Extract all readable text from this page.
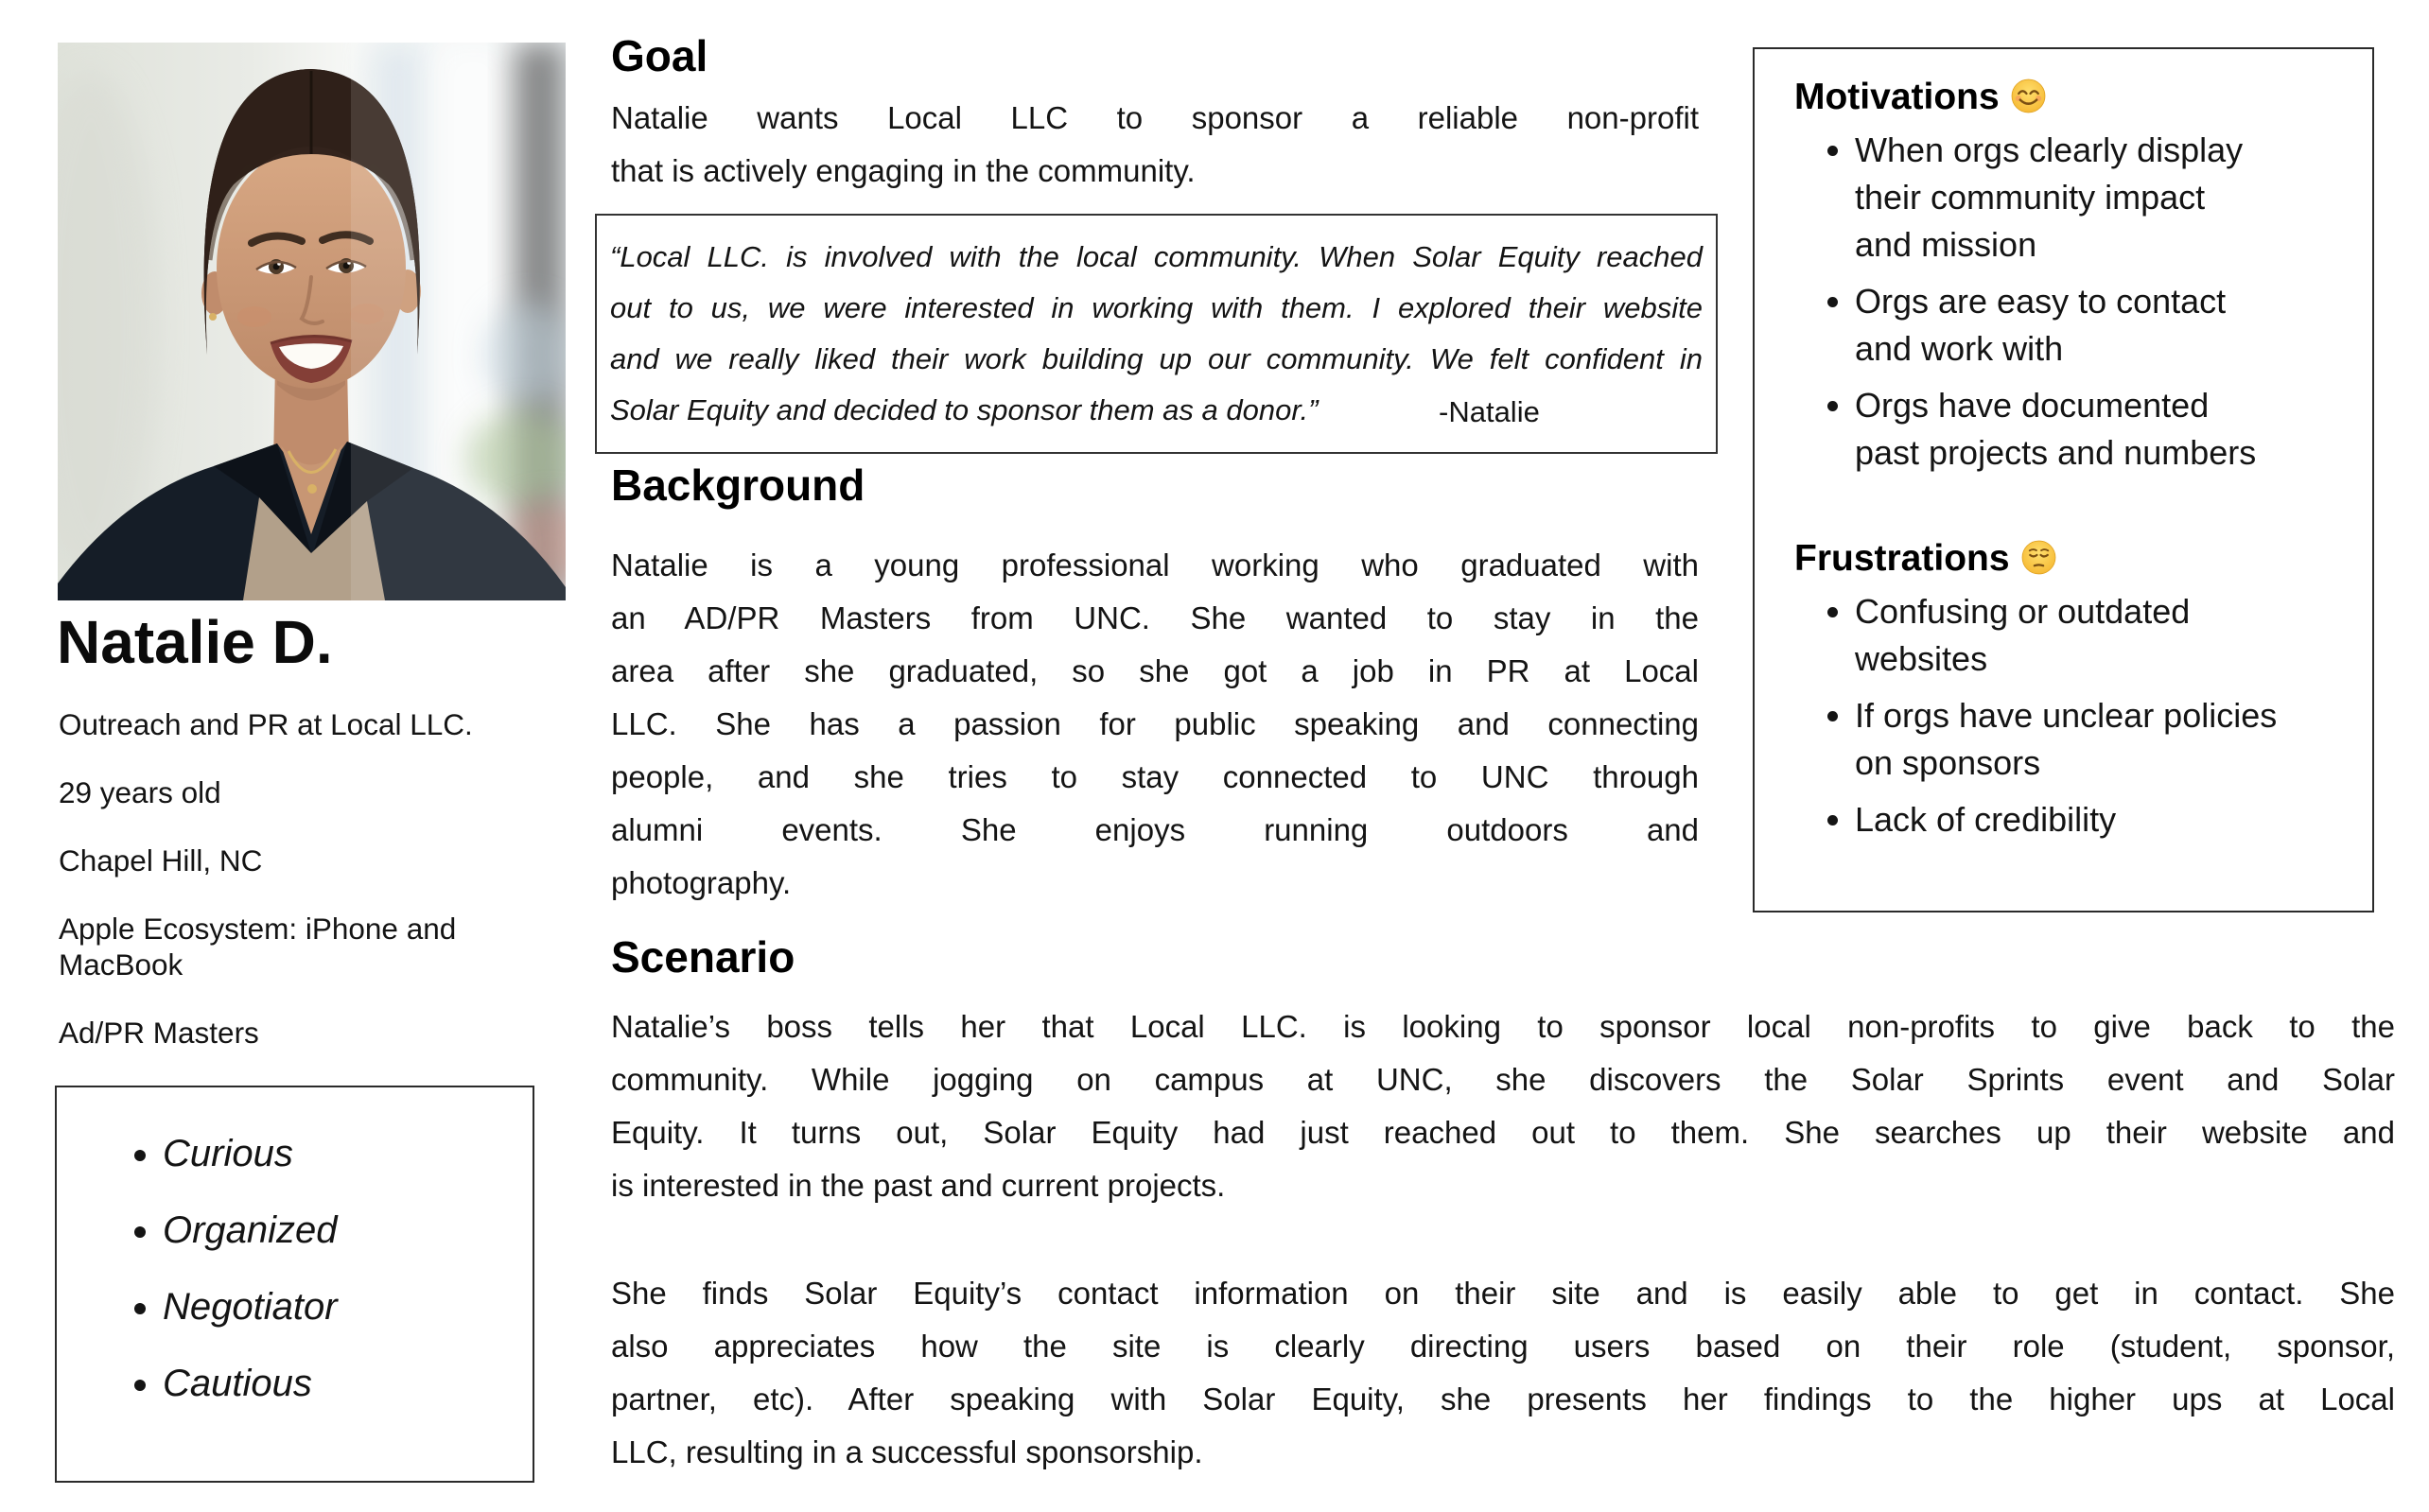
Natalie D.

Outreach and PR at Local LLC.

29 years old

Chapel Hill, NC

Apple Ecosystem: iPhone and
MacBook

Ad/PR Masters

• Curious
• Organized
• Negotiator
• Cautious
Goal
Natalie wants Local LLC to sponsor a reliable non-profit
that is actively engaging in the community.
“Local LLC. is involved with the local community. When Solar Equity reached
out to us, we were interested in working with them. I explored their website
and we really liked their work building up our community. We felt confident in
Solar Equity and decided to sponsor them as a donor.”	-Natalie
Background
Natalie is a young professional working who graduated with
an AD/PR Masters from UNC. She wanted to stay in the
area after she graduated, so she got a job in PR at Local
LLC. She has a passion for public speaking and connecting
people, and she tries to stay connected to UNC through
alumni events. She enjoys running outdoors and
photography.
Scenario
Natalie’s boss tells her that Local LLC. is looking to sponsor local non-profits to give back to the
community. While jogging on campus at UNC, she discovers the Solar Sprints event and Solar
Equity. It turns out, Solar Equity had just reached out to them. She searches up their website and
is interested in the past and current projects.
She finds Solar Equity’s contact information on their site and is easily able to get in contact. She
also appreciates how the site is clearly directing users based on their role (student, sponsor,
partner, etc). After speaking with Solar Equity, she presents her findings to the higher ups at Local
LLC, resulting in a successful sponsorship.
Motivations
• When orgs clearly display
their community impact
and mission
• Orgs are easy to contact
and work with
• Orgs have documented
past projects and numbers
Frustrations
• Confusing or outdated
websites
• If orgs have unclear policies
on sponsors
• Lack of credibility
